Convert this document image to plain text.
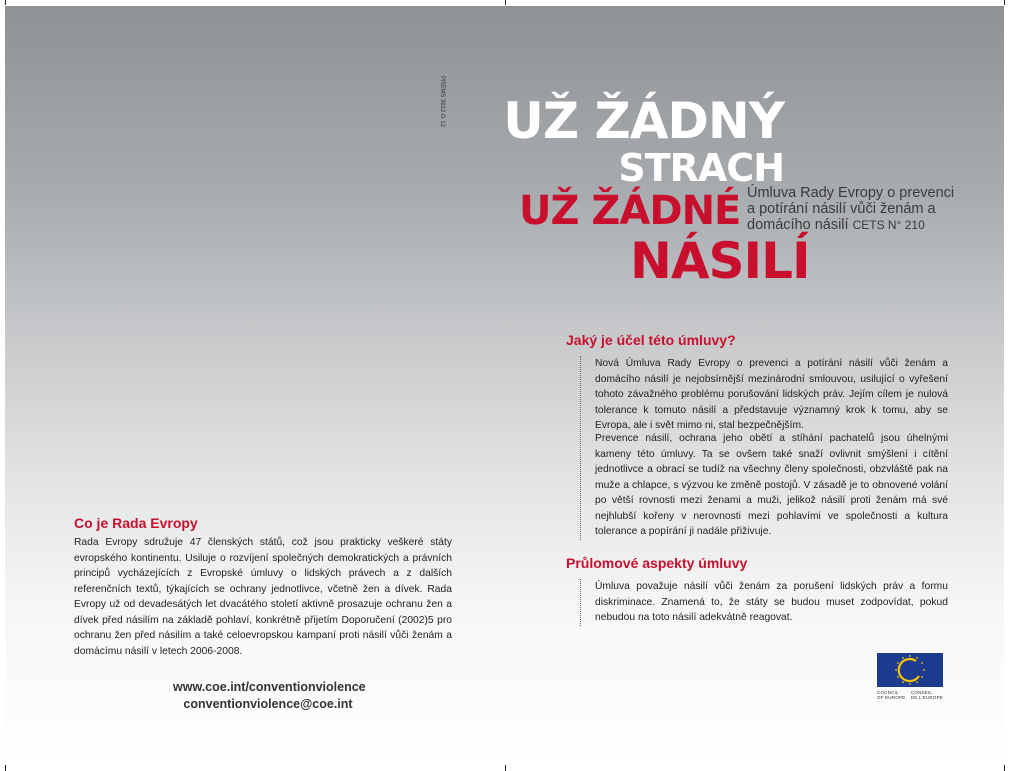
PREMS 3912 G 12 UŽ ŽÁDNÝ
STRACH
UŽ ŽÁDNÉ
NÁSILÍ
Úmluva Rady Evropy o prevenci
a potírání násilí vůči ženám a
domácího násilí CETS N° 210
Co je Rada Evropy

Rada Evropy sdružuje 47 členských států, což jsou prakticky veškeré státy evropského kontinentu. Usiluje o rozvíjení společných demokratických a právních principů vycházejících z Evropské úmluvy o lidských právech a z dalších referenčních textů, týkajících se ochrany jednotlivce, včetně žen a dívek. Rada Evropy už od devadesátých let dvacátého století aktivně prosazuje ochranu žen a dívek před násilím na základě pohlaví, konkrétně přijetím Doporučení (2002)5 pro ochranu žen před násilím a také celoevropskou kampaní proti násilí vůči ženám a domácímu násilí v letech 2006-2008.

www.coe.int/conventionviolence
conventionviolence@coe.int
Jaký je účel této úmluvy?

Nová Úmluva Rady Evropy o prevenci a potírání násilí vůči ženám a domácího násilí je nejobsírnější mezinárodní smlouvou, usilující o vyřešení tohoto závažného problému porušování lidských práv. Jejím cílem je nulová tolerance k tomuto násilí a představuje významný krok k tomu, aby se Evropa, ale i svět mimo ni, stal bezpečnějším.

Prevence násilí, ochrana jeho obětí a stíhání pachatelů jsou úhelnými kameny této úmluvy. Ta se ovšem také snaží ovlivnit smýšlení i cítění jednotlivce a obrací se tudíž na všechny členy společnosti, obzvláště pak na muže a chlapce, s výzvou ke změně postojů. V zásadě je to obnovené volání po větší rovnosti mezi ženami a muži, jelikož násilí proti ženám má své nejhlubší kořeny v nerovnosti mezi pohlavími ve společnosti a kultura tolerance a popírání ji nadále přiživuje.

Průlomové aspekty úmluvy

Úmluva považuje násilí vůči ženám za porušení lidských práv a formu diskriminace. Znamená to, že státy se budou muset zodpovídat, pokud nebudou na toto násilí adekvátně reagovat.

COUNCIL
OF EUROPE
CONSEIL
DE L'EUROPE
